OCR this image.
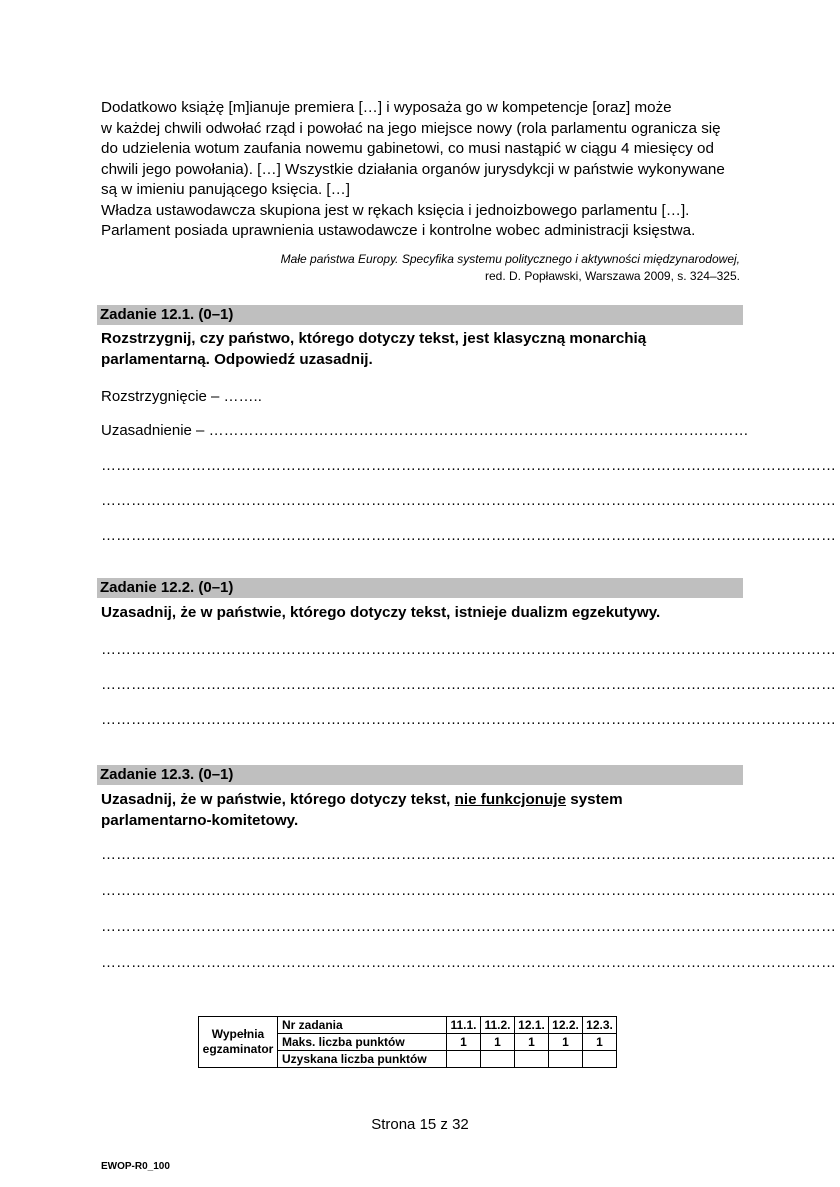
Dodatkowo książę [m]ianuje premiera […] i wyposaża go w kompetencje [oraz] może
w każdej chwili odwołać rząd i powołać na jego miejsce nowy (rola parlamentu ogranicza się
do udzielenia wotum zaufania nowemu gabinetowi, co musi nastąpić w ciągu 4 miesięcy od
chwili jego powołania). […] Wszystkie działania organów jurysdykcji w państwie wykonywane
są w imieniu panującego księcia. […]
Władza ustawodawcza skupiona jest w rękach księcia i jednoizbowego parlamentu […].
Parlament posiada uprawnienia ustawodawcze i kontrolne wobec administracji księstwa.
Małe państwa Europy. Specyfika systemu politycznego i aktywności międzynarodowej,
red. D. Popławski, Warszawa 2009, s. 324–325.
Zadanie 12.1. (0–1)
Rozstrzygnij, czy państwo, którego dotyczy tekst, jest klasyczną monarchią
parlamentarną. Odpowiedź uzasadnij.
Rozstrzygnięcie – ……..
Uzasadnienie – ………………………………………………………………………………………………
…………………………………………………………………………………………………………………………………
…………………………………………………………………………………………………………………………………
…………………………………………………………………………………………………………………………………
Zadanie 12.2. (0–1)
Uzasadnij, że w państwie, którego dotyczy tekst, istnieje dualizm egzekutywy.
…………………………………………………………………………………………………………………………………
…………………………………………………………………………………………………………………………………
…………………………………………………………………………………………………………………………………
Zadanie 12.3. (0–1)
Uzasadnij, że w państwie, którego dotyczy tekst, nie funkcjonuje system
parlamentarno-komitetowy.
…………………………………………………………………………………………………………………………………
…………………………………………………………………………………………………………………………………
…………………………………………………………………………………………………………………………………
…………………………………………………………………………………………………………………………………
Wypełnia egzaminator	Nr zadania	11.1.	11.2.	12.1.	12.2.	12.3.
	Maks. liczba punktów	1	1	1	1	1
	Uzyskana liczba punktów					
Strona 15 z 32
EWOP-R0_100
